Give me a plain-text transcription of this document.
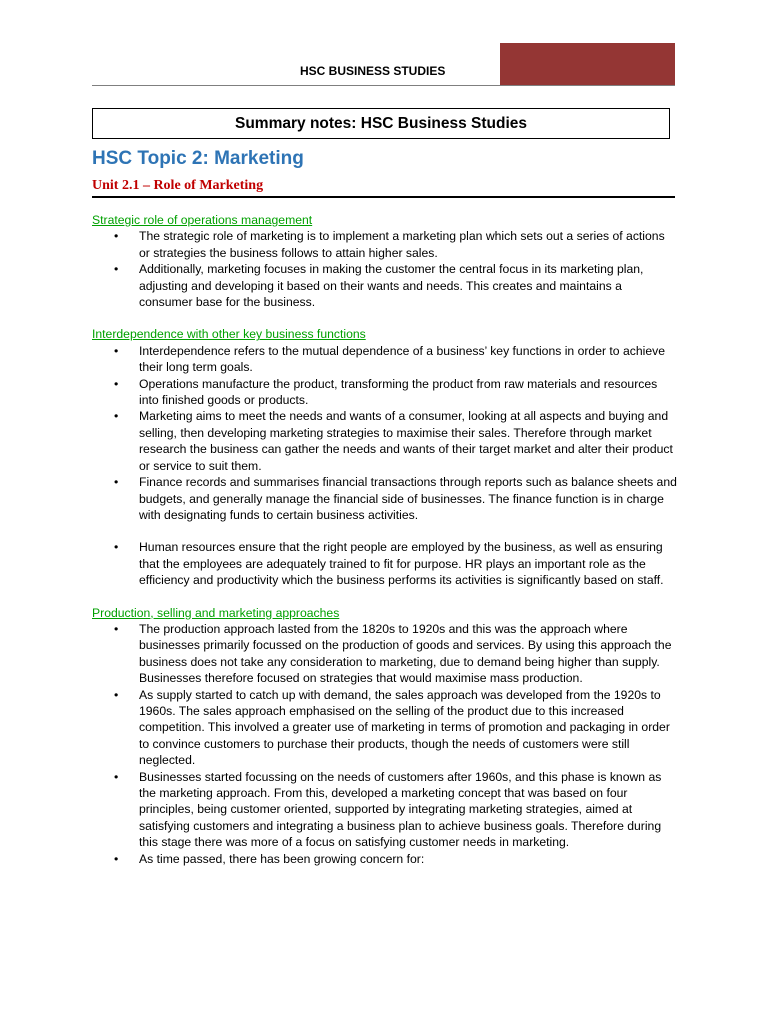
HSC BUSINESS STUDIES
Summary notes: HSC Business Studies
HSC Topic 2: Marketing
Unit 2.1 – Role of Marketing
Strategic role of operations management
• The strategic role of marketing is to implement a marketing plan which sets out a series of actions or strategies the business follows to attain higher sales.
• Additionally, marketing focuses in making the customer the central focus in its marketing plan, adjusting and developing it based on their wants and needs. This creates and maintains a consumer base for the business.
Interdependence with other key business functions
• Interdependence refers to the mutual dependence of a business’ key functions in order to achieve their long term goals.
• Operations manufacture the product, transforming the product from raw materials and resources into finished goods or products.
• Marketing aims to meet the needs and wants of a consumer, looking at all aspects and buying and selling, then developing marketing strategies to maximise their sales. Therefore through market research the business can gather the needs and wants of their target market and alter their product or service to suit them.
• Finance records and summarises financial transactions through reports such as balance sheets and budgets, and generally manage the financial side of businesses. The finance function is in charge with designating funds to certain business activities.
• Human resources ensure that the right people are employed by the business, as well as ensuring that the employees are adequately trained to fit for purpose. HR plays an important role as the efficiency and productivity which the business performs its activities is significantly based on staff.
Production, selling and marketing approaches
• The production approach lasted from the 1820s to 1920s and this was the approach where businesses primarily focussed on the production of goods and services. By using this approach the business does not take any consideration to marketing, due to demand being higher than supply. Businesses therefore focused on strategies that would maximise mass production.
• As supply started to catch up with demand, the sales approach was developed from the 1920s to 1960s. The sales approach emphasised on the selling of the product due to this increased competition. This involved a greater use of marketing in terms of promotion and packaging in order to convince customers to purchase their products, though the needs of customers were still neglected.
• Businesses started focussing on the needs of customers after 1960s, and this phase is known as the marketing approach. From this, developed a marketing concept that was based on four principles, being customer oriented, supported by integrating marketing strategies, aimed at satisfying customers and integrating a business plan to achieve business goals. Therefore during this stage there was more of a focus on satisfying customer needs in marketing.
• As time passed, there has been growing concern for:
